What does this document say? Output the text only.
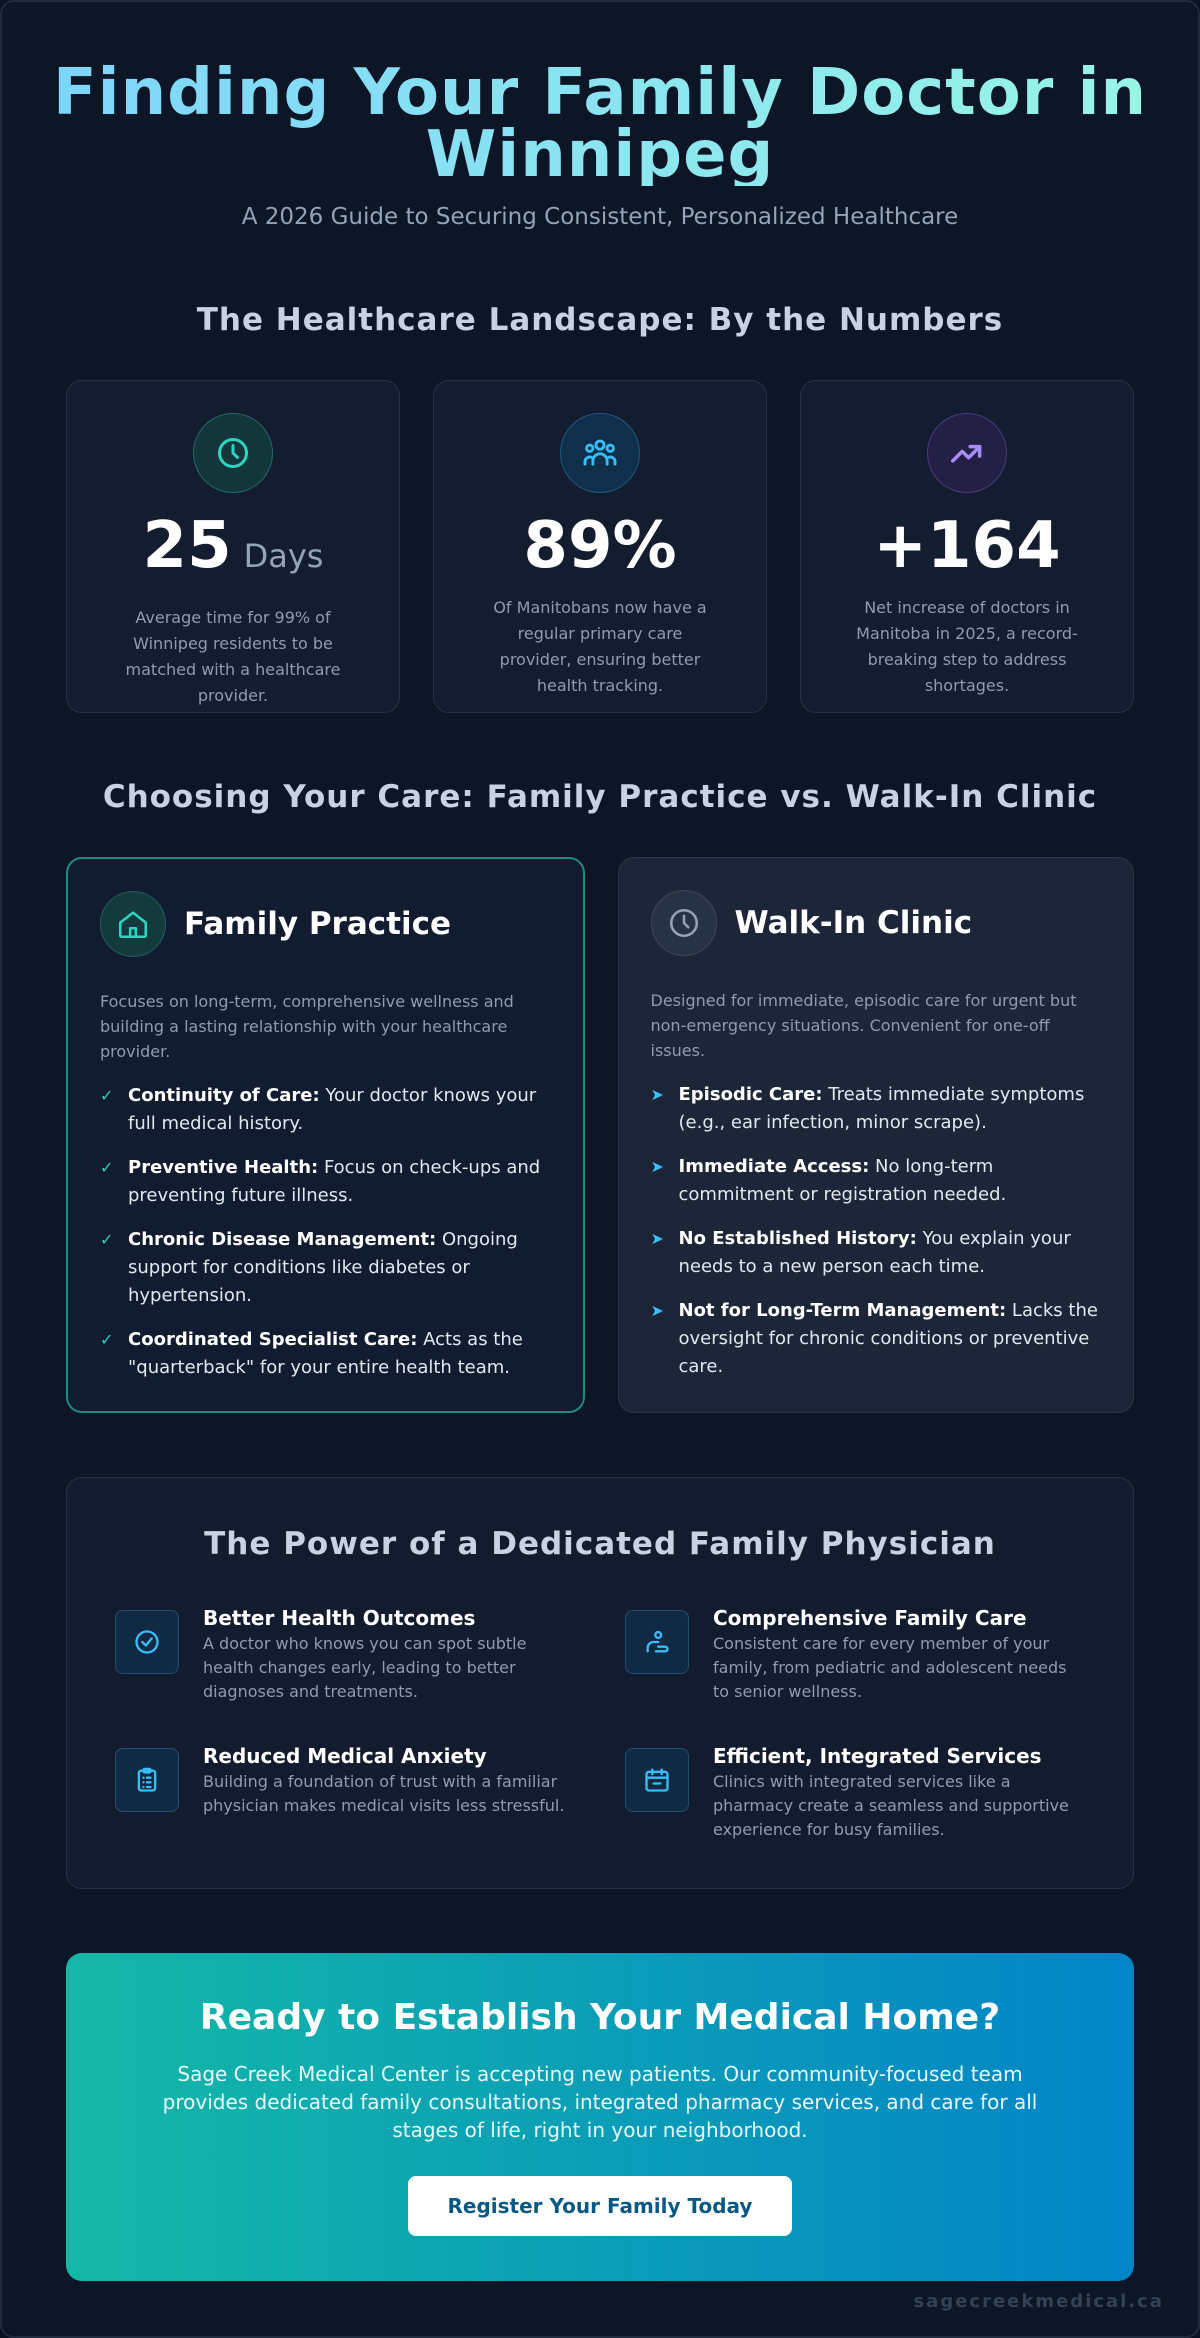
Finding Your Family Doctor in
Winnipeg

A 2026 Guide to Securing Consistent, Personalized Healthcare

The Healthcare Landscape: By the Numbers
25 Days

Average time for 99% of Winnipeg residents to be matched with a healthcare provider.

89%

Of Manitobans now have a regular primary care provider, ensuring better health tracking.

+164

Net increase of doctors in Manitoba in 2025, a record-breaking step to address shortages.

Choosing Your Care: Family Practice vs. Walk-In Clinic
Family Practice

Focuses on long-term, comprehensive wellness and building a lasting relationship with your healthcare provider.

✓ Continuity of Care: Your doctor knows your full medical history.
✓ Preventive Health: Focus on check-ups and preventing future illness.
✓ Chronic Disease Management: Ongoing support for conditions like diabetes or hypertension.
✓ Coordinated Specialist Care: Acts as the "quarterback" for your entire health team.
Walk-In Clinic

Designed for immediate, episodic care for urgent but non-emergency situations. Convenient for one-off issues.

➤ Episodic Care: Treats immediate symptoms (e.g., ear infection, minor scrape).
➤ Immediate Access: No long-term commitment or registration needed.
➤ No Established History: You explain your needs to a new person each time.
➤ Not for Long-Term Management: Lacks the oversight for chronic conditions or preventive care.
The Power of a Dedicated Family Physician
Better Health Outcomes
A doctor who knows you can spot subtle health changes early, leading to better diagnoses and treatments.
Comprehensive Family Care
Consistent care for every member of your family, from pediatric and adolescent needs to senior wellness.
Reduced Medical Anxiety
Building a foundation of trust with a familiar physician makes medical visits less stressful.
Efficient, Integrated Services
Clinics with integrated services like a pharmacy create a seamless and supportive experience for busy families.
Ready to Establish Your Medical Home?

Sage Creek Medical Center is accepting new patients. Our community-focused team provides dedicated family consultations, integrated pharmacy services, and care for all stages of life, right in your neighborhood.

Register Your Family Today
sagecreekmedical.ca
